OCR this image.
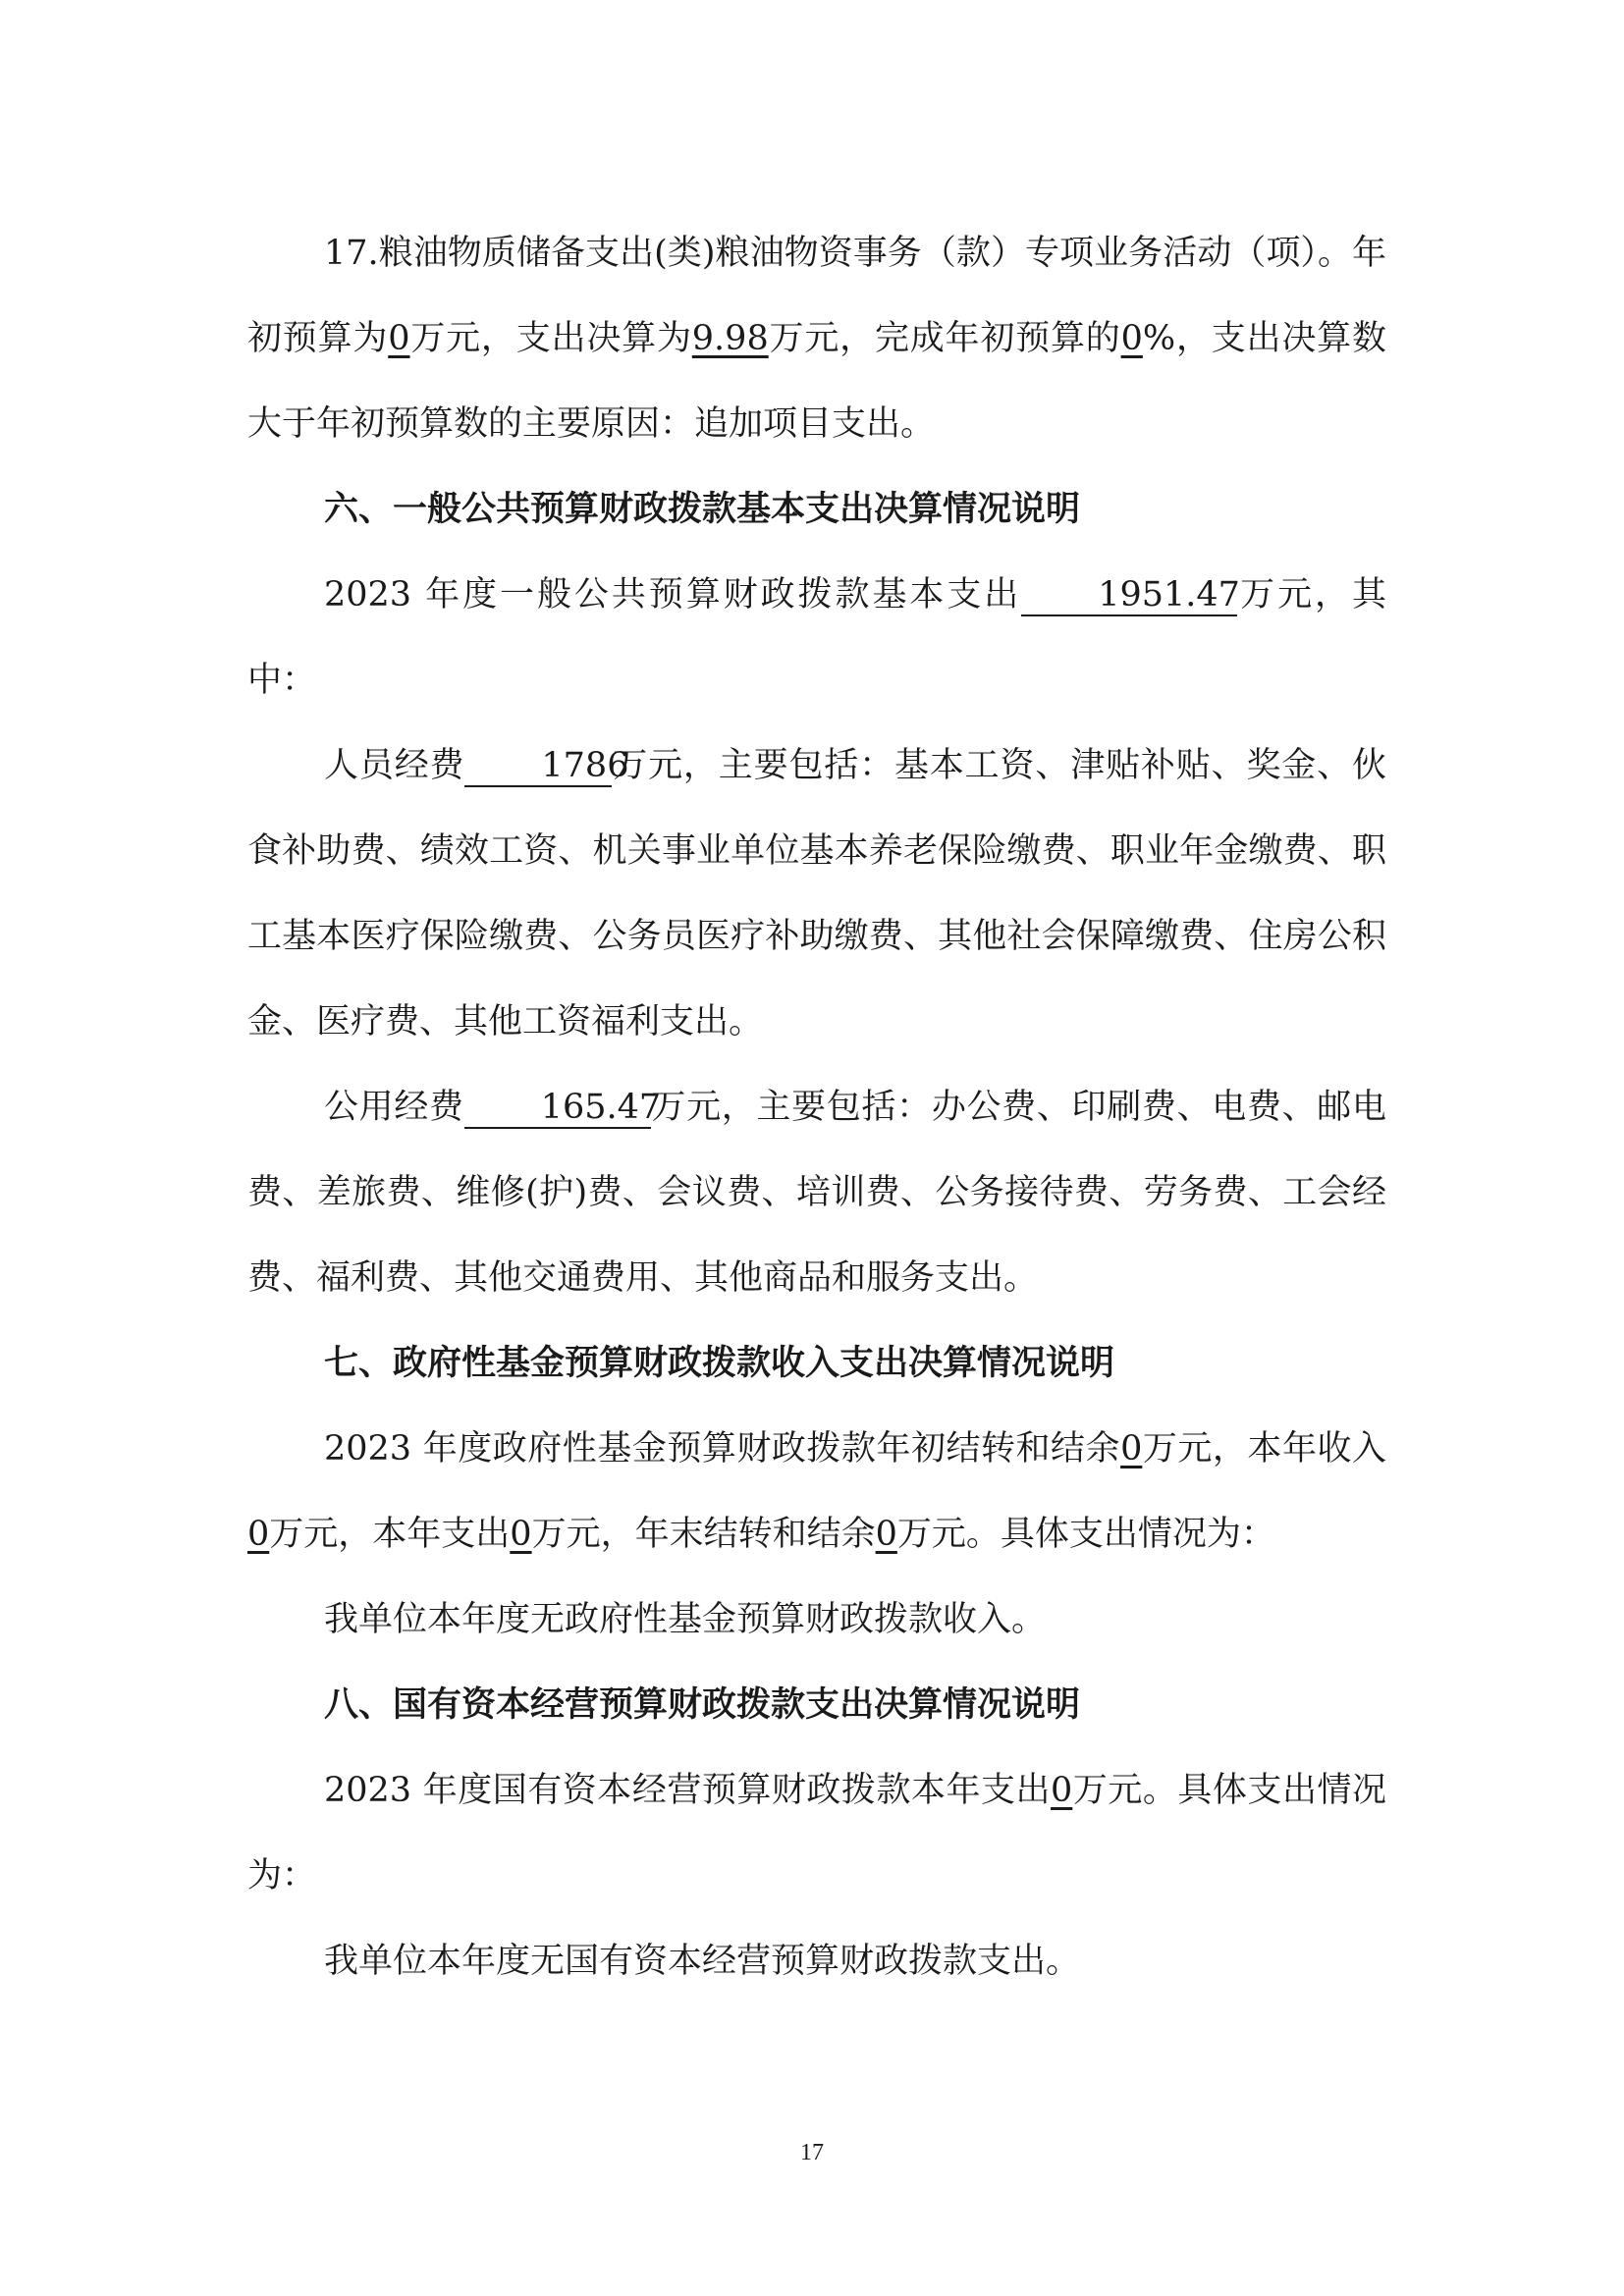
17.粮油物质储备支出(类)粮油物资事务（款）专项业务活动（项）。年初预算为0万元，支出决算为9.98万元，完成年初预算的0%，支出决算数大于年初预算数的主要原因：追加项目支出。

六、一般公共预算财政拨款基本支出决算情况说明

2023 年度一般公共预算财政拨款基本支出 1951.47万元，其中：

人员经费 1786万元，主要包括：基本工资、津贴补贴、奖金、伙食补助费、绩效工资、机关事业单位基本养老保险缴费、职业年金缴费、职工基本医疗保险缴费、公务员医疗补助缴费、其他社会保障缴费、住房公积金、医疗费、其他工资福利支出。

公用经费 165.47万元，主要包括：办公费、印刷费、电费、邮电费、差旅费、维修(护)费、会议费、培训费、公务接待费、劳务费、工会经费、福利费、其他交通费用、其他商品和服务支出。

七、政府性基金预算财政拨款收入支出决算情况说明

2023 年度政府性基金预算财政拨款年初结转和结余0万元，本年收入0万元，本年支出0万元，年末结转和结余0万元。具体支出情况为：

我单位本年度无政府性基金预算财政拨款收入。

八、国有资本经营预算财政拨款支出决算情况说明

2023 年度国有资本经营预算财政拨款本年支出0万元。具体支出情况为：

我单位本年度无国有资本经营预算财政拨款支出。

17
